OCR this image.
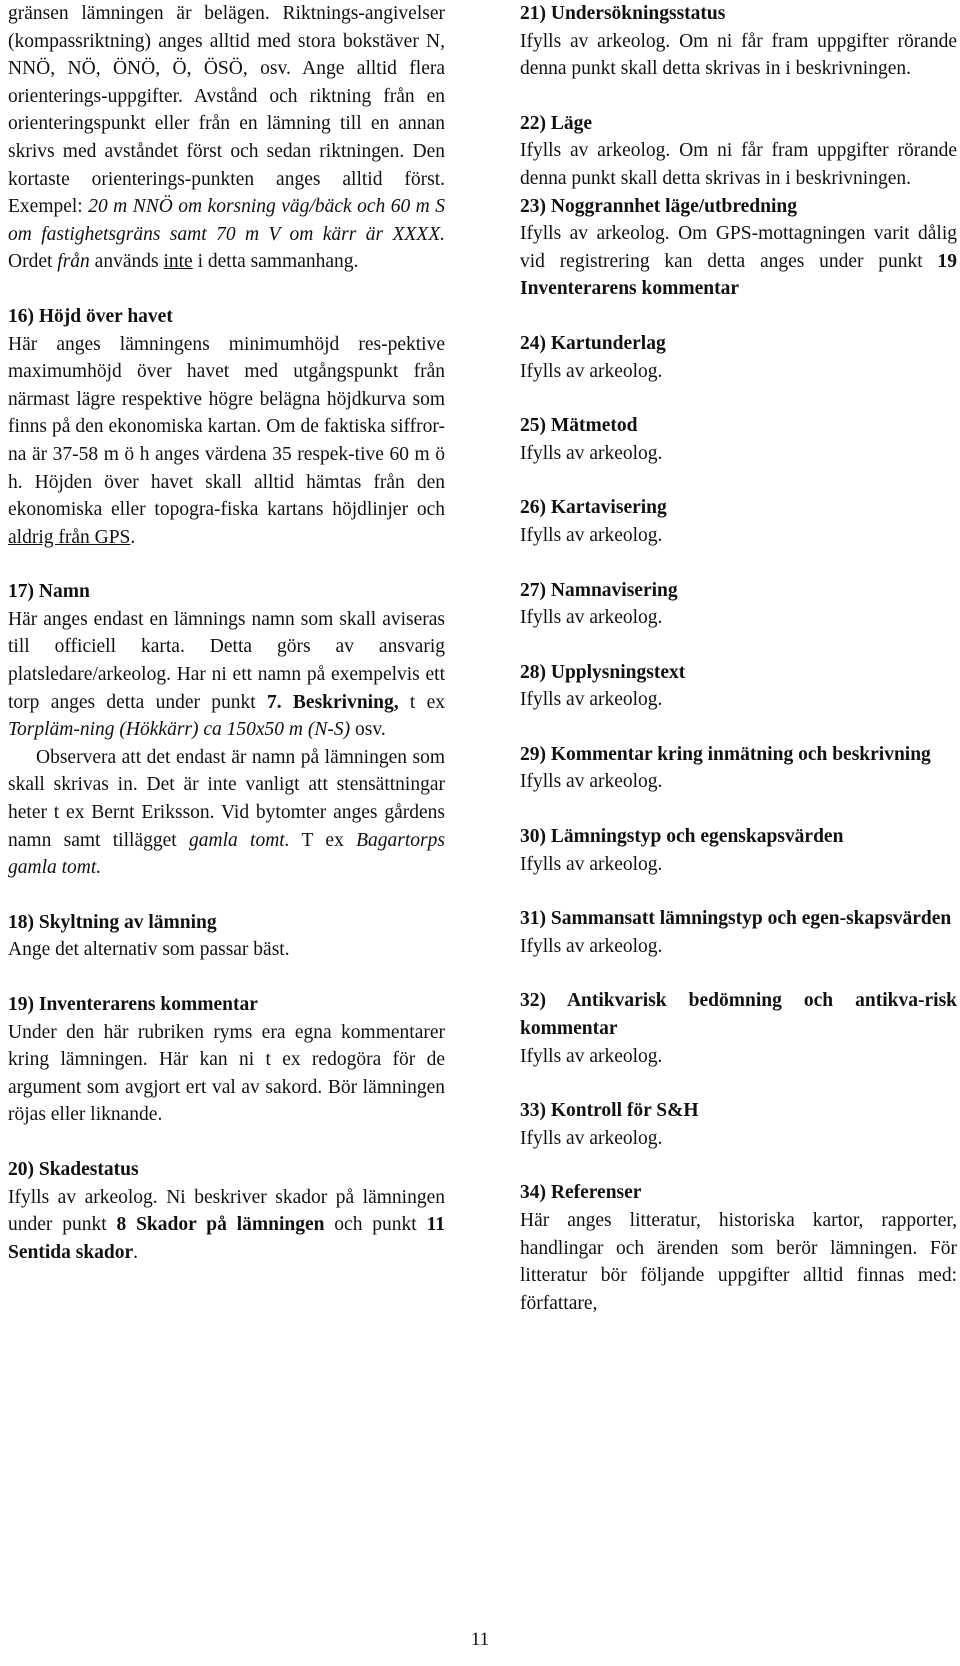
gränsen lämningen är belägen. Riktnings-angivelser (kompassriktning) anges alltid med stora bokstäver N, NNÖ, NÖ, ÖNÖ, Ö, ÖSÖ, osv. Ange alltid flera orienterings-uppgifter. Avstånd och riktning från en orienteringspunkt eller från en lämning till en annan skrivs med avståndet först och sedan riktningen. Den kortaste orienterings-punkten anges alltid först. Exempel: 20 m NNÖ om korsning väg/bäck och 60 m S om fastighetsgräns samt 70 m V om kärr är XXXX. Ordet från används inte i detta sammanhang.

16) Höjd över havet

Här anges lämningens minimumhöjd res-pektive maximumhöjd över havet med utgångspunkt från närmast lägre respektive högre belägna höjdkurva som finns på den ekonomiska kartan. Om de faktiska siffror-na är 37-58 m ö h anges värdena 35 respek-tive 60 m ö h. Höjden över havet skall alltid hämtas från den ekonomiska eller topogra-fiska kartans höjdlinjer och aldrig från GPS.

17) Namn

Här anges endast en lämnings namn som skall aviseras till officiell karta. Detta görs av ansvarig platsledare/arkeolog. Har ni ett namn på exempelvis ett torp anges detta under punkt 7. Beskrivning, t ex Torpläm-ning (Hökkärr) ca 150x50 m (N-S) osv.

Observera att det endast är namn på lämningen som skall skrivas in. Det är inte vanligt att stensättningar heter t ex Bernt Eriksson. Vid bytomter anges gårdens namn samt tillägget gamla tomt. T ex Bagartorps gamla tomt.

18) Skyltning av lämning

Ange det alternativ som passar bäst.

19) Inventerarens kommentar

Under den här rubriken ryms era egna kommentarer kring lämningen. Här kan ni t ex redogöra för de argument som avgjort ert val av sakord. Bör lämningen röjas eller liknande.

20) Skadestatus

Ifylls av arkeolog. Ni beskriver skador på lämningen under punkt 8 Skador på lämningen och punkt 11 Sentida skador.

21) Undersökningsstatus

Ifylls av arkeolog. Om ni får fram uppgifter rörande denna punkt skall detta skrivas in i beskrivningen.

22) Läge

Ifylls av arkeolog. Om ni får fram uppgifter rörande denna punkt skall detta skrivas in i beskrivningen.

23) Noggrannhet läge/utbredning

Ifylls av arkeolog. Om GPS-mottagningen varit dålig vid registrering kan detta anges under punkt 19 Inventerarens kommentar

24) Kartunderlag

Ifylls av arkeolog.

25) Mätmetod

Ifylls av arkeolog.

26) Kartavisering

Ifylls av arkeolog.

27) Namnavisering

Ifylls av arkeolog.

28) Upplysningstext

Ifylls av arkeolog.

29) Kommentar kring inmätning och beskrivning

Ifylls av arkeolog.

30) Lämningstyp och egenskapsvärden

Ifylls av arkeolog.

31) Sammansatt lämningstyp och egen-skapsvärden

Ifylls av arkeolog.

32) Antikvarisk bedömning och antikva-risk kommentar

Ifylls av arkeolog.

33) Kontroll för S&H

Ifylls av arkeolog.

34) Referenser

Här anges litteratur, historiska kartor, rapporter, handlingar och ärenden som berör lämningen. För litteratur bör följande uppgifter alltid finnas med: författare,

11
